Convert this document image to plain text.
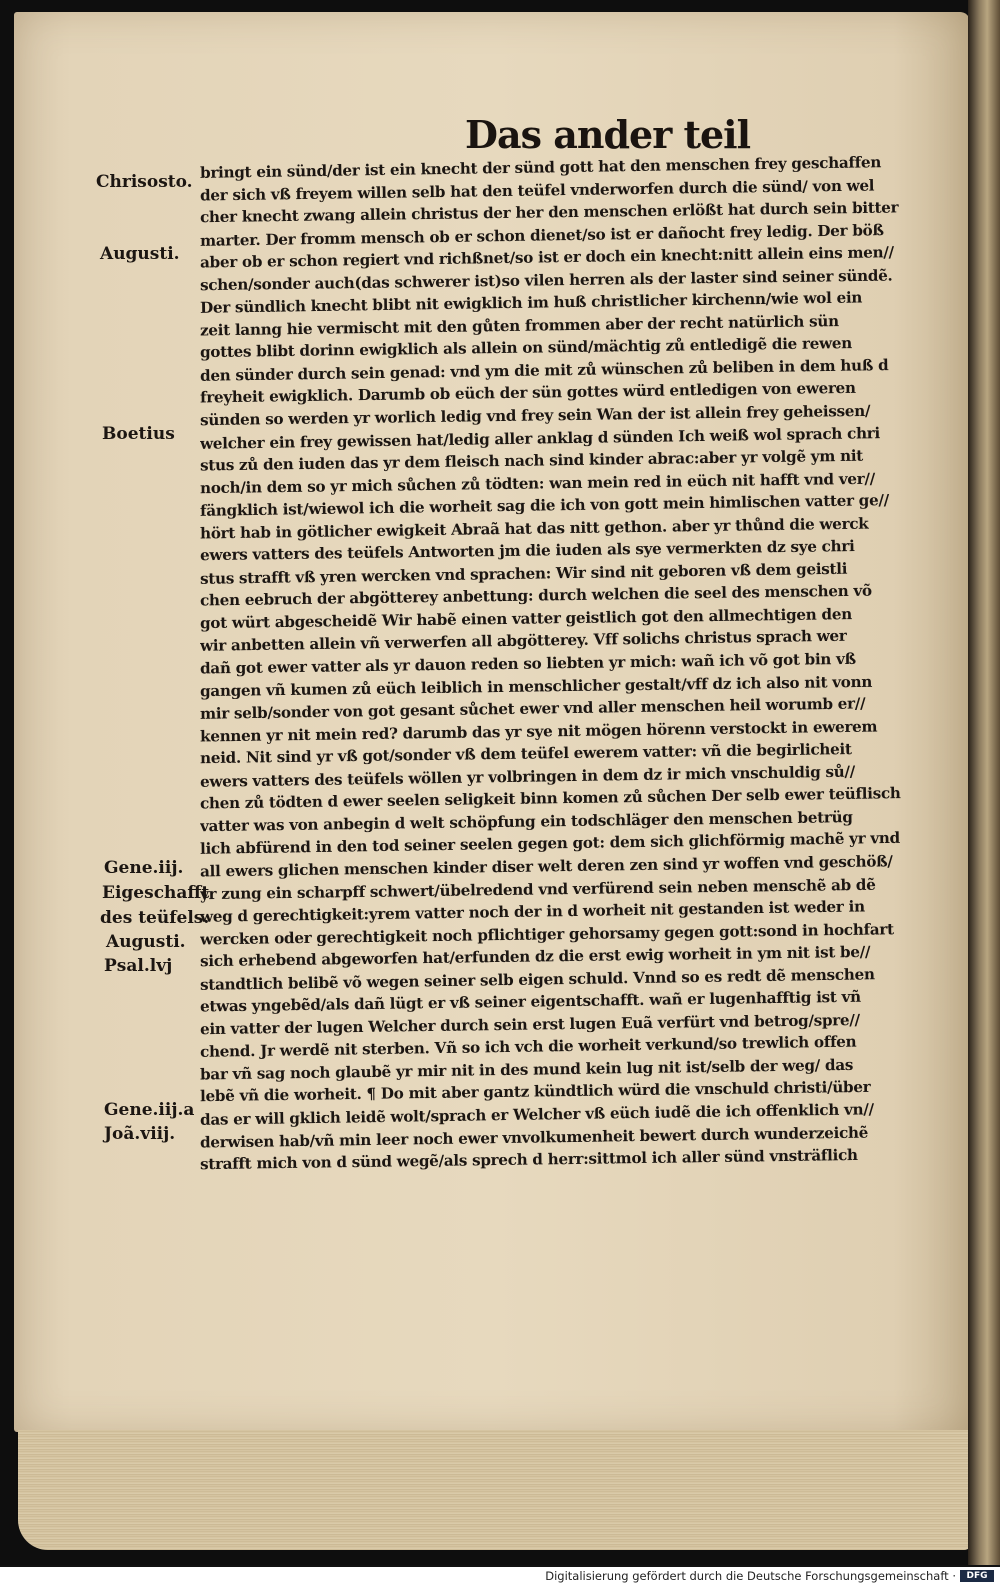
Das ander teil
Chrisosto.
Augusti.
Boetius
Gene.iij.
Eigeschafft
des teüfels.
Augusti.
Psal.lvj
Gene.iij.a
Joã.viij.
bringt ein sünd/der ist ein knecht der sünd gott hat den menschen frey geschaffen
der sich vß freyem willen selb hat den teüfel vnderworfen durch die sünd/ von wel
cher knecht zwang allein christus der her den menschen erlößt hat durch sein bitter
marter. Der fromm mensch ob er schon dienet/so ist er dañocht frey ledig. Der böß
aber ob er schon regiert vnd richßnet/so ist er doch ein knecht:nitt allein eins men//
schen/sonder auch(das schwerer ist)so vilen herren als der laster sind seiner sündẽ.
Der sündlich knecht blibt nit ewigklich im huß christlicher kirchenn/wie wol ein
zeit lanng hie vermischt mit den gůten frommen aber der recht natürlich sün
gottes blibt dorinn ewigklich als allein on sünd/mächtig zů entledigẽ die rewen
den sünder durch sein genad: vnd ym die mit zů wünschen zů beliben in dem huß d
freyheit ewigklich. Darumb ob eüch der sün gottes würd entledigen von eweren
sünden so werden yr worlich ledig vnd frey sein Wan der ist allein frey geheissen/
welcher ein frey gewissen hat/ledig aller anklag d sünden Ich weiß wol sprach chri
stus zů den iuden das yr dem fleisch nach sind kinder abrac:aber yr volgẽ ym nit
noch/in dem so yr mich sůchen zů tödten: wan mein red in eüch nit hafft vnd ver//
fängklich ist/wiewol ich die worheit sag die ich von gott mein himlischen vatter ge//
hört hab in götlicher ewigkeit Abraã hat das nitt gethon. aber yr thůnd die werck
ewers vatters des teüfels Antworten jm die iuden als sye vermerkten dz sye chri
stus strafft vß yren wercken vnd sprachen: Wir sind nit geboren vß dem geistli
chen eebruch der abgötterey anbettung: durch welchen die seel des menschen võ
got würt abgescheidẽ Wir habẽ einen vatter geistlich got den allmechtigen den
wir anbetten allein vñ verwerfen all abgötterey. Vff solichs christus sprach wer
dañ got ewer vatter als yr dauon reden so liebten yr mich: wañ ich võ got bin vß
gangen vñ kumen zů eüch leiblich in menschlicher gestalt/vff dz ich also nit vonn
mir selb/sonder von got gesant sůchet ewer vnd aller menschen heil worumb er//
kennen yr nit mein red? darumb das yr sye nit mögen hörenn verstockt in ewerem
neid. Nit sind yr vß got/sonder vß dem teüfel ewerem vatter: vñ die begirlicheit
ewers vatters des teüfels wöllen yr volbringen in dem dz ir mich vnschuldig sů//
chen zů tödten d ewer seelen seligkeit binn komen zů sůchen Der selb ewer teüflisch
vatter was von anbegin d welt schöpfung ein todschläger den menschen betrüg
lich abfürend in den tod seiner seelen gegen got: dem sich glichförmig machẽ yr vnd
all ewers glichen menschen kinder diser welt deren zen sind yr woffen vnd geschöß/
yr zung ein scharpff schwert/übelredend vnd verfürend sein neben menschẽ ab dẽ
weg d gerechtigkeit:yrem vatter noch der in d worheit nit gestanden ist weder in
wercken oder gerechtigkeit noch pflichtiger gehorsamy gegen gott:sond in hochfart
sich erhebend abgeworfen hat/erfunden dz die erst ewig worheit in ym nit ist be//
standtlich belibẽ võ wegen seiner selb eigen schuld. Vnnd so es redt dẽ menschen
etwas yngebẽd/als dañ lügt er vß seiner eigentschafft. wañ er lugenhafftig ist vñ
ein vatter der lugen Welcher durch sein erst lugen Euã verfürt vnd betrog/spre//
chend. Jr werdẽ nit sterben. Vñ so ich vch die worheit verkund/so trewlich offen
bar vñ sag noch glaubẽ yr mir nit in des mund kein lug nit ist/selb der weg/ das
lebẽ vñ die worheit. ¶ Do mit aber gantz kündtlich würd die vnschuld christi/über
das er will gklich leidẽ wolt/sprach er Welcher vß eüch iudẽ die ich offenklich vn//
derwisen hab/vñ min leer noch ewer vnvolkumenheit bewert durch wunderzeichẽ
strafft mich von d sünd wegẽ/als sprech d herr:sittmol ich aller sünd vnsträflich
Digitalisierung gefördert durch die Deutsche Forschungsgemeinschaft ·	DFG
